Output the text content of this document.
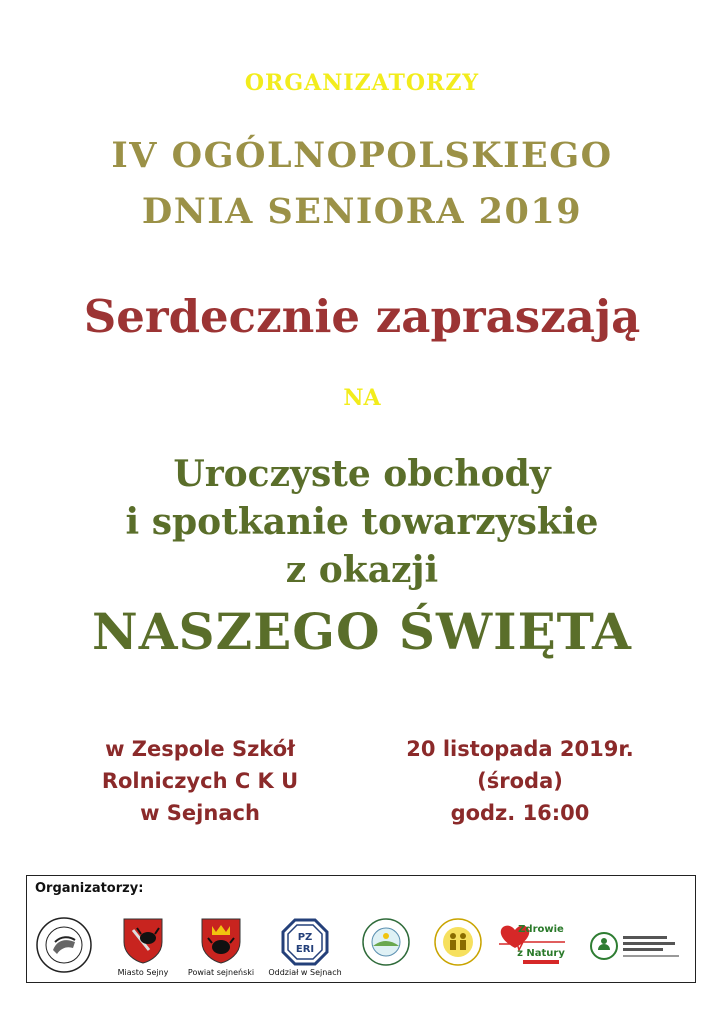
ORGANIZATORZY
IV OGÓLNOPOLSKIEGO
DNIA SENIORA 2019
Serdecznie zapraszają
NA
Uroczyste obchody
i spotkanie towarzyskie
z okazji
NASZEGO ŚWIĘTA
w Zespole Szkół
Rolniczych C K U
w Sejnach
20 listopada 2019r.
(środa)
godz. 16:00
Organizatorzy:
Miasto Sejny	Powiat sejneński
PZ
ERI
Oddział w Sejnach
Zdrowie
z Natury
